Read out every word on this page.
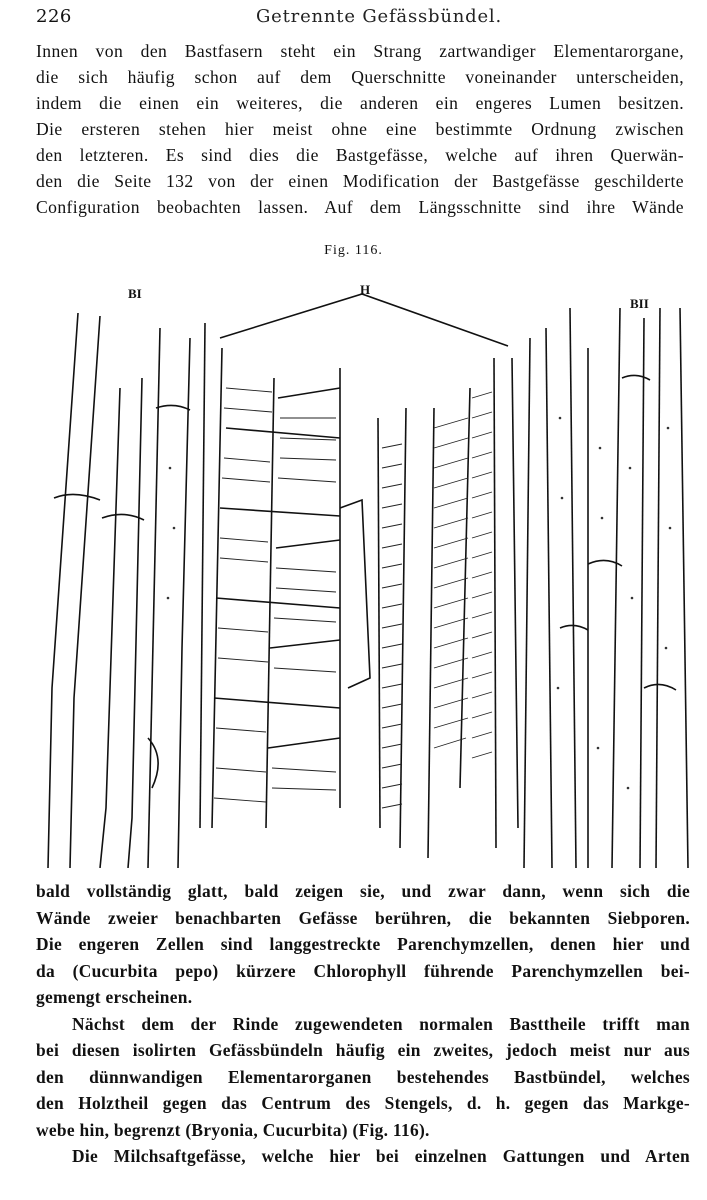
226	Getrennte Gefässbündel.
Innen von den Bastfasern steht ein Strang zartwandiger Elementarorgane,
die sich häufig schon auf dem Querschnitte voneinander unterscheiden,
indem die einen ein weiteres, die anderen ein engeres Lumen besitzen.
Die ersteren stehen hier meist ohne eine bestimmte Ordnung zwischen
den letzteren. Es sind dies die Bastgefässe, welche auf ihren Querwän-
den die Seite 132 von der einen Modification der Bastgefässe geschilderte
Configuration beobachten lassen. Auf dem Längsschnitte sind ihre Wände
Fig. 116.
BI	H
BII
bald vollständig glatt, bald zeigen sie, und zwar dann, wenn sich die
Wände zweier benachbarten Gefässe berühren, die bekannten Siebporen.
Die engeren Zellen sind langgestreckte Parenchymzellen, denen hier und
da (Cucurbita pepo) kürzere Chlorophyll führende Parenchymzellen bei-
gemengt erscheinen.
Nächst dem der Rinde zugewendeten normalen Basttheile trifft man
bei diesen isolirten Gefässbündeln häufig ein zweites, jedoch meist nur aus
den dünnwandigen Elementarorganen bestehendes Bastbündel, welches
den Holztheil gegen das Centrum des Stengels, d. h. gegen das Markge-
webe hin, begrenzt (Bryonia, Cucurbita) (Fig. 116).
Die Milchsaftgefässe, welche hier bei einzelnen Gattungen und Arten
